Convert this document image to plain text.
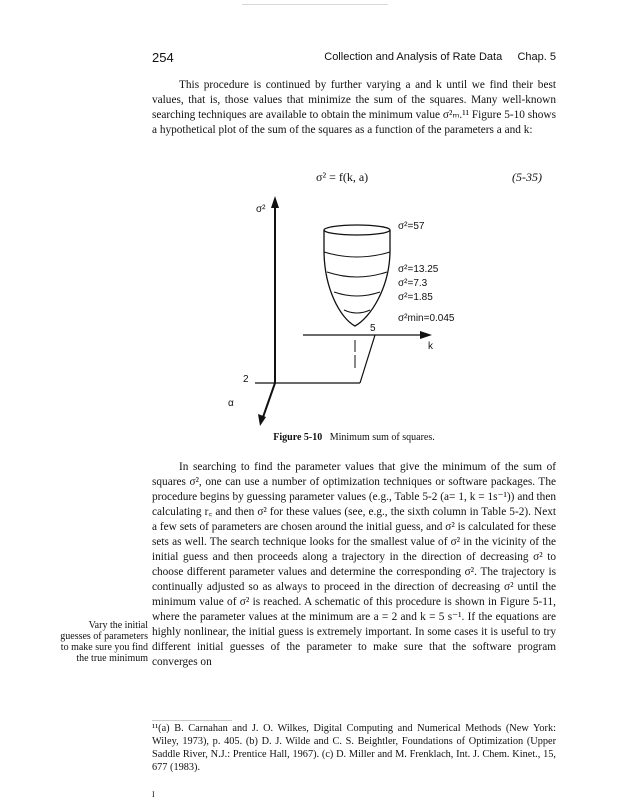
254	Collection and Analysis of Rate Data Chap. 5

This procedure is continued by further varying a and k until we find their best values, that is, those values that minimize the sum of the squares. Many well-known searching techniques are available to obtain the minimum value σ²ₘ.¹¹ Figure 5-10 shows a hypothetical plot of the sum of the squares as a function of the parameters a and k:

σ² = f(k, a)	(5-35)
σ²
k
α
5
2
σ²=57
σ²=13.25
σ²=7.3
σ²=1.85
σ²min=0.045
Figure 5-10 Minimum sum of squares.

In searching to find the parameter values that give the minimum of the sum of squares σ², one can use a number of optimization techniques or software packages. The procedure begins by guessing parameter values (e.g., Table 5-2 (a= 1, k = 1s⁻¹)) and then calculating r꜀ and then σ² for these values (see, e.g., the sixth column in Table 5-2). Next a few sets of parameters are chosen around the initial guess, and σ² is calculated for these sets as well. The search technique looks for the smallest value of σ² in the vicinity of the initial guess and then proceeds along a trajectory in the direction of decreasing σ² to choose different parameter values and determine the corresponding σ². The trajectory is continually adjusted so as always to proceed in the direction of decreasing σ² until the minimum value of σ² is reached. A schematic of this procedure is shown in Figure 5-11, where the parameter values at the minimum are a = 2 and k = 5 s⁻¹. If the equations are highly nonlinear, the initial guess is extremely important. In some cases it is useful to try different initial guesses of the parameter to make sure that the software program converges on

Vary the initial guesses of parameters to make sure you find the true minimum

¹¹(a) B. Carnahan and J. O. Wilkes, Digital Computing and Numerical Methods (New York: Wiley, 1973), p. 405. (b) D. J. Wilde and C. S. Beightler, Foundations of Optimization (Upper Saddle River, N.J.: Prentice Hall, 1967). (c) D. Miller and M. Frenklach, Int. J. Chem. Kinet., 15, 677 (1983).

I
